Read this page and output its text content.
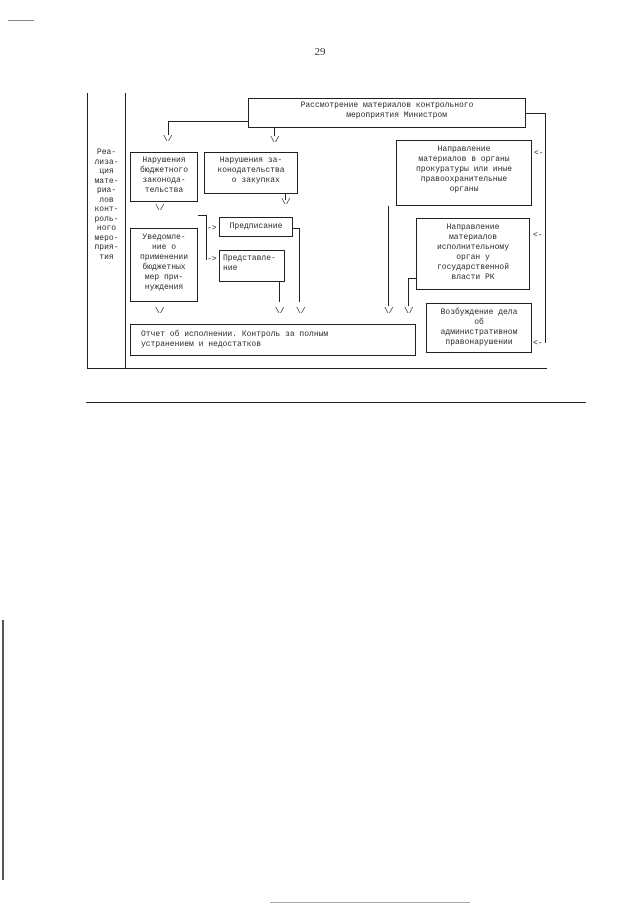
29
Реа-
лиза-
ция
мате-
риа-
лов
конт-
роль-
ного
меро-
прия-
тия
Рассмотрение материалов контрольного
мероприятия Министром
\/	\/
Нарушения
бюджетного
законода-
тельства
Нарушения за-
конодательства
о закупках
Направление
материалов в органы
прокуратуры или иные
правоохранительные
органы
<-
Направление
материалов
исполнительному
орган у
государственной
власти РК
<-
\/
\/
->
->
Уведомле-
ние о
применении
бюджетных
мер при-
нуждения
Предписание
Представле-
ние
\/	\/ \/	\/ \/	Возбуждение дела
об
административном
правонарушении	<-
Отчет об исполнении. Контроль за полным
устранением и недостатков
